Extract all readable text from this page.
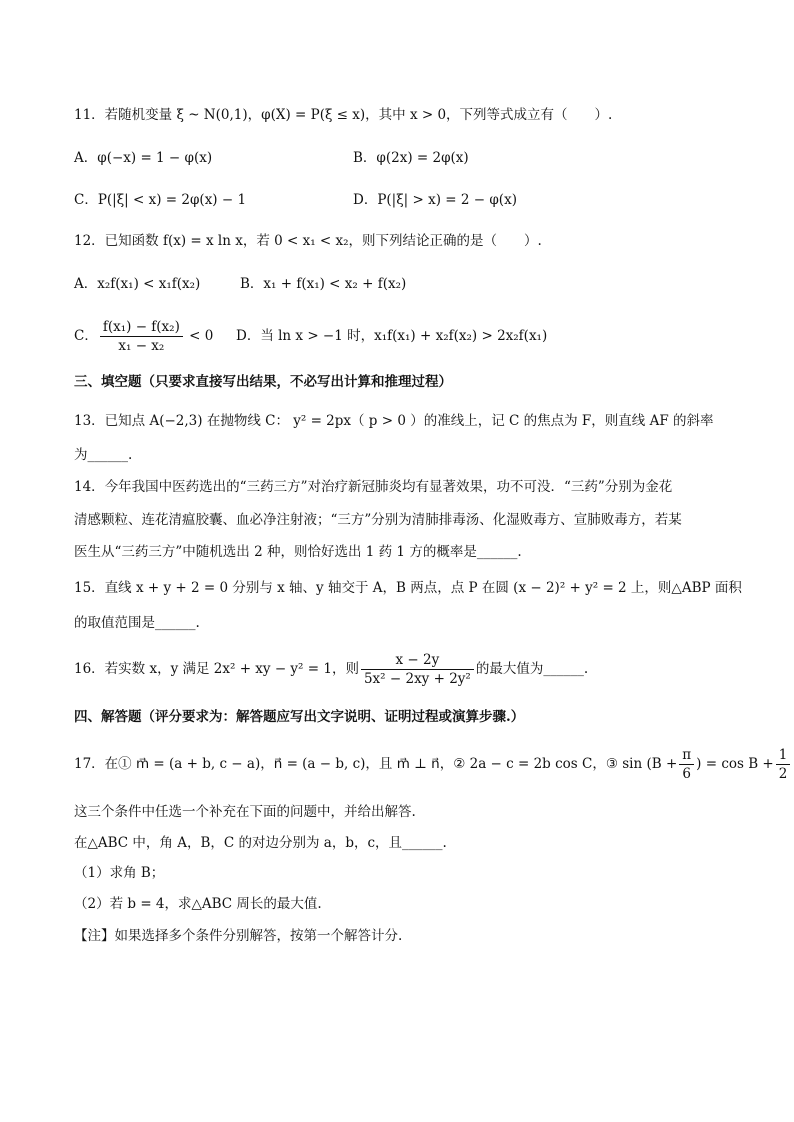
11．若随机变量 ξ ~ N(0,1)，φ(X) = P(ξ ≤ x)，其中 x > 0，下列等式成立有（　　）.
A．φ(−x) = 1 − φ(x)	B．φ(2x) = 2φ(x)
C．P(|ξ| < x) = 2φ(x) − 1	D．P(|ξ| > x) = 2 − φ(x)
12．已知函数 f(x) = x ln x，若 0 < x₁ < x₂，则下列结论正确的是（　　）.
A．x₂f(x₁) < x₁f(x₂)	B．x₁ + f(x₁) < x₂ + f(x₂)
C． $\frac{\text{f(x₁) − f(x₂)}}{\text{x₁ − x₂}} < 0$ D．当 ln x > −1 时，x₁f(x₁) + x₂f(x₂) > 2x₂f(x₁)
三、填空题（只要求直接写出结果，不必写出计算和推理过程）
13．已知点 A(−2,3) 在抛物线 C： y² = 2px（ p > 0 ）的准线上，记 C 的焦点为 F，则直线 AF 的斜率
为______.
14．今年我国中医药选出的“三药三方”对治疗新冠肺炎均有显著效果，功不可没．“三药”分别为金花
清感颗粒、连花清瘟胶囊、血必净注射液；“三方”分别为清肺排毒汤、化湿败毒方、宣肺败毒方，若某
医生从“三药三方”中随机选出 2 种，则恰好选出 1 药 1 方的概率是______.
15．直线 x + y + 2 = 0 分别与 x 轴、y 轴交于 A，B 两点，点 P 在圆 (x − 2)² + y² = 2 上，则△ABP 面积
的取值范围是______.
16．若实数 x，y 满足 2x² + xy − y² = 1，则 $\frac{x - 2y}{\text{5x² − 2xy + 2y²}}$ 的最大值为______.
四、解答题（评分要求为：解答题应写出文字说明、证明过程或演算步骤.）
17．在① m⃗ = (a + b, c − a)，n⃗ = (a − b, c)，且 m⃗ ⊥ n⃗，② 2a − c = 2b cos C，③ $\sin (B + \frac{\pi}{6}$ ) = $\cos B + \frac{1}{2}$
这三个条件中任选一个补充在下面的问题中，并给出解答.
在△ABC 中，角 A，B，C 的对边分别为 a，b，c，且______.
（1）求角 B；
（2）若 b = 4，求△ABC 周长的最大值.
【注】如果选择多个条件分别解答，按第一个解答计分.
